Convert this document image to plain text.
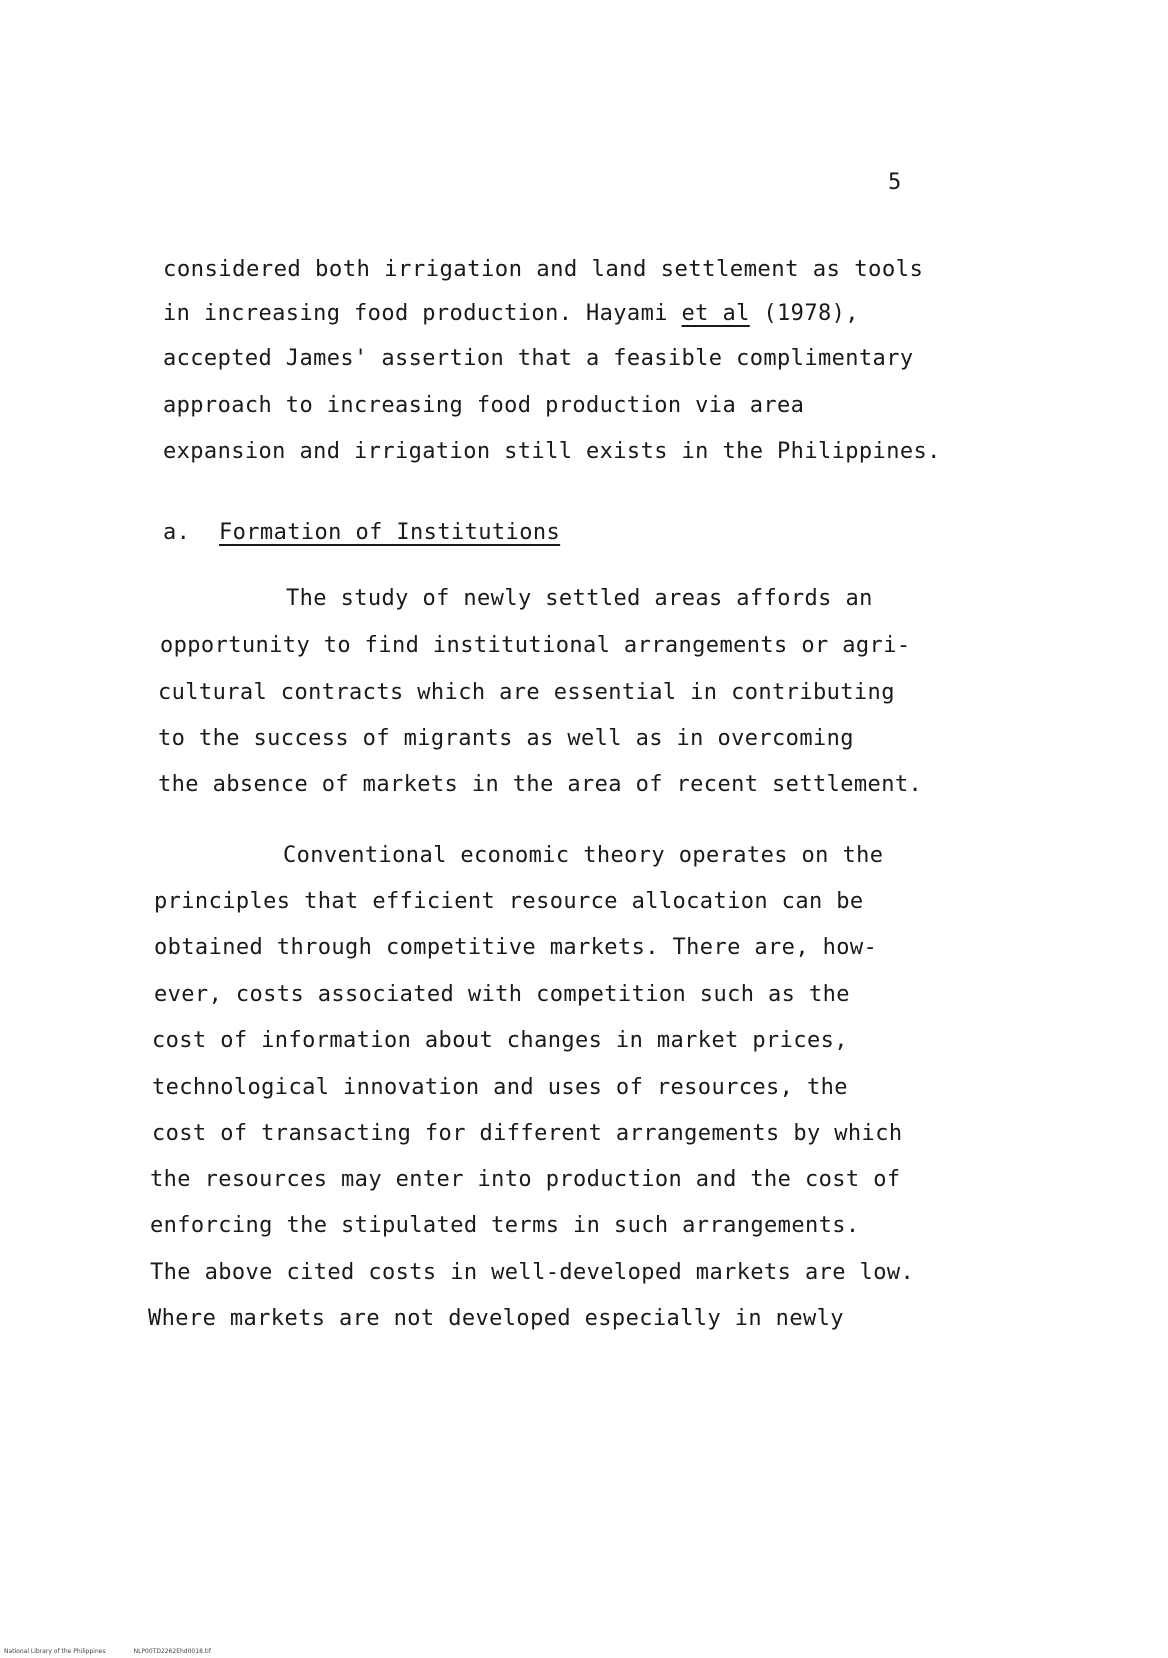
5
considered both irrigation and land settlement as tools
in increasing food production. Hayami et al (1978),
accepted James' assertion that a feasible complimentary
approach to increasing food production via area
expansion and irrigation still exists in the Philippines.
a. Formation of Institutions
The study of newly settled areas affords an
opportunity to find institutional arrangements or agri-
cultural contracts which are essential in contributing
to the success of migrants as well as in overcoming
the absence of markets in the area of recent settlement.
Conventional economic theory operates on the
principles that efficient resource allocation can be
obtained through competitive markets. There are, how-
ever, costs associated with competition such as the
cost of information about changes in market prices,
technological innovation and uses of resources, the
cost of transacting for different arrangements by which
the resources may enter into production and the cost of
enforcing the stipulated terms in such arrangements.
The above cited costs in well-developed markets are low.
Where markets are not developed especially in newly
National Library of the Philippines	NLP00TD2262Ehd0018.tif
